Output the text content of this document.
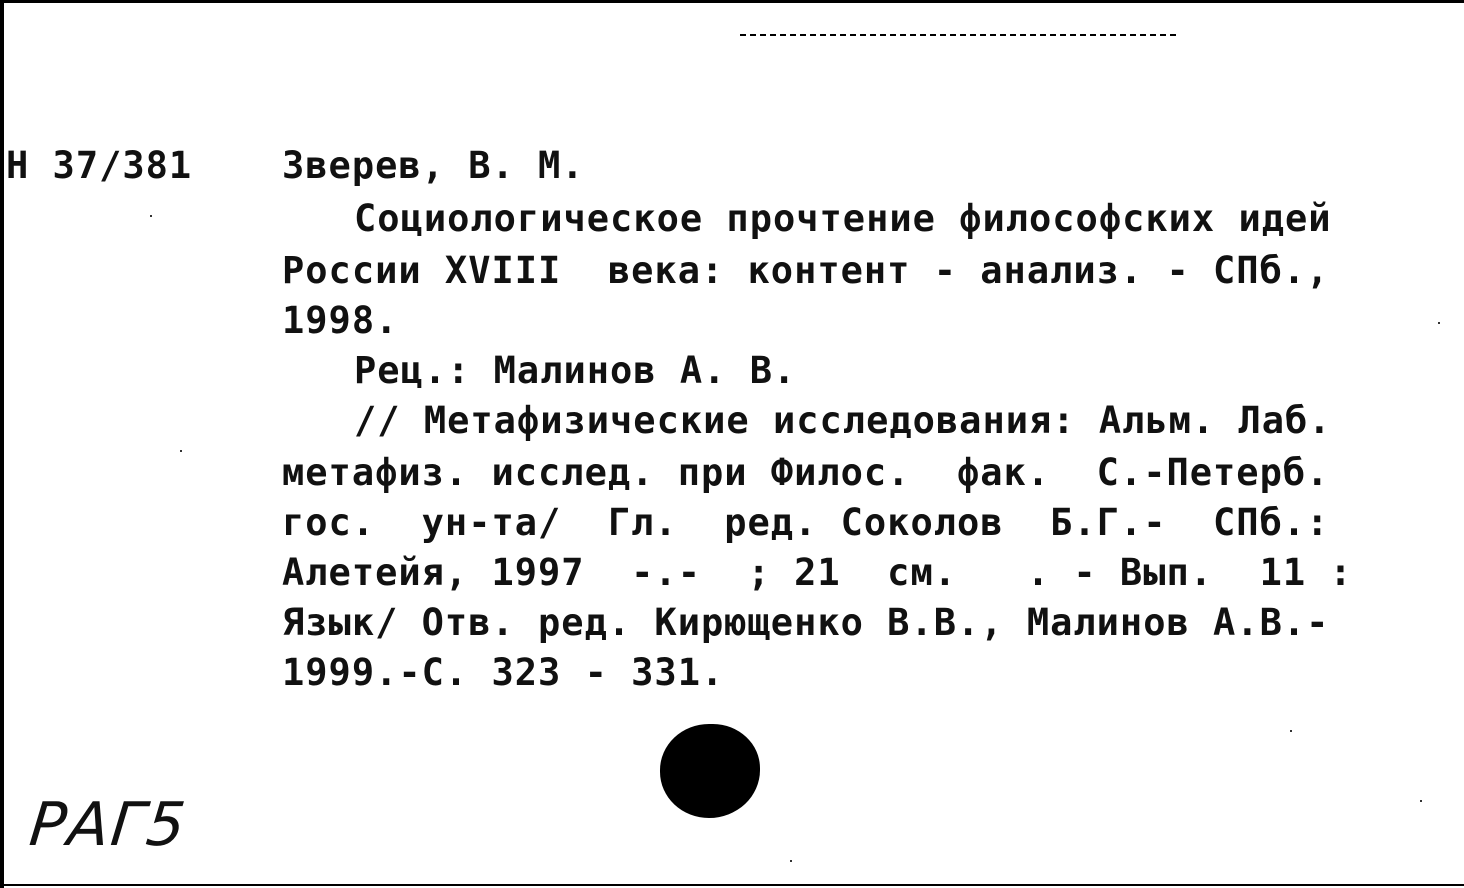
Н 37/381 Зверев, В. М.
Социологическое прочтение философских идей
России XVIII  века: контент - анализ. - СПб.,
1998.
Рец.: Малинов А. В.
// Метафизические исследования: Альм. Лаб.
метафиз. исслед. при Филос.  фак.  С.-Петерб.
гос.  ун-та/  Гл.  ред. Соколов  Б.Г.-  СПб.:
Алетейя, 1997  -.-  ; 21  см.   . - Вып.  11 :
Язык/ Отв. ред. Кирющенко В.В., Малинов А.В.-
1999.-С. 323 - 331.
РАГ5
